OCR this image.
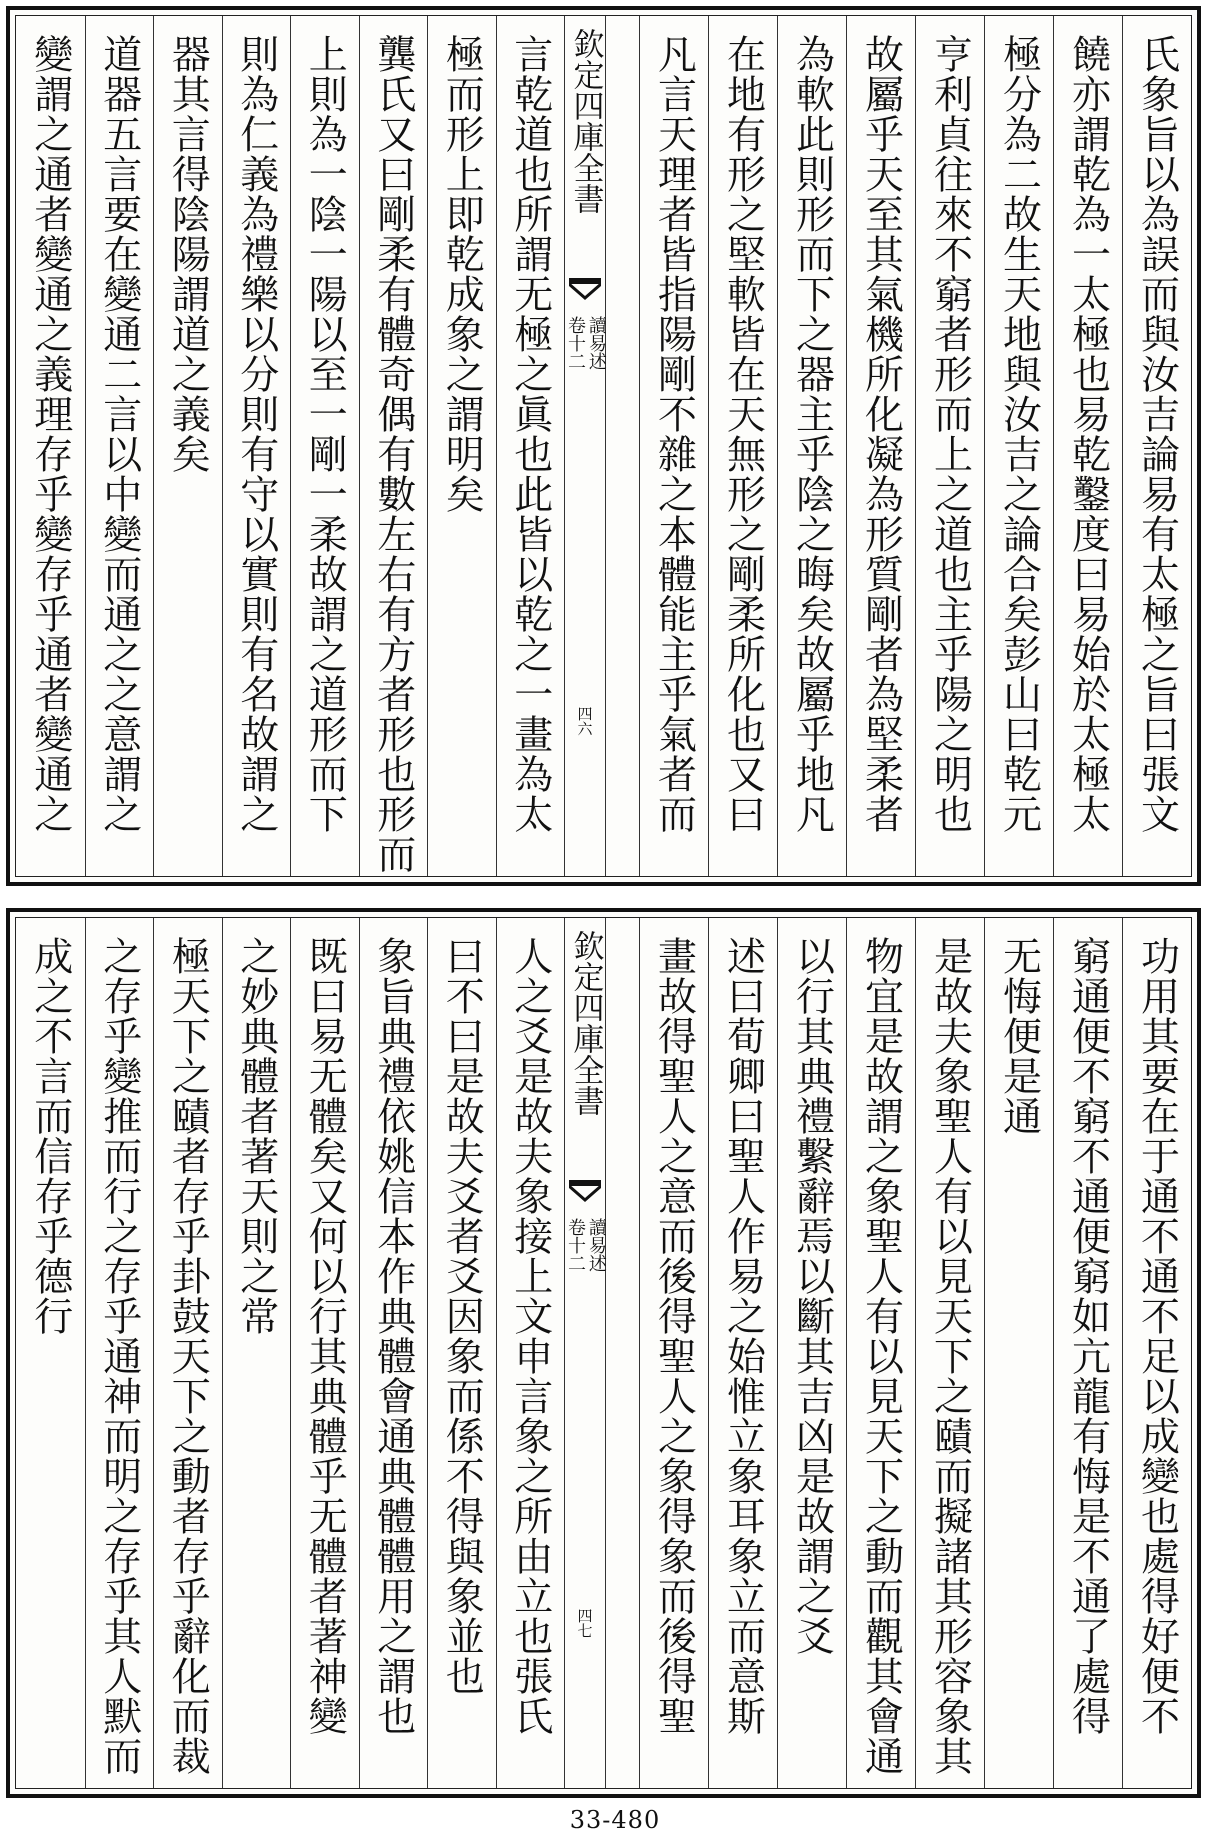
氏象旨以為誤而與汝吉論易有太極之旨曰張文
饒亦謂乾為一太極也易乾鑿度曰易始於太極太
極分為二故生天地與汝吉之論合矣彭山曰乾元
亨利貞往來不窮者形而上之道也主乎陽之明也
故屬乎天至其氣機所化凝為形質剛者為堅柔者
為軟此則形而下之器主乎陰之晦矣故屬乎地凡
在地有形之堅軟皆在天無形之剛柔所化也又曰
凡言天理者皆指陽剛不雜之本體能主乎氣者而
欽定四庫全書
卷十二 讀易述
四六
言乾道也所謂无極之眞也此皆以乾之一畫為太
極而形上即乾成象之謂明矣
龔氏又曰剛柔有體奇偶有數左右有方者形也形而
上則為一陰一陽以至一剛一柔故謂之道形而下
則為仁義為禮樂以分則有守以實則有名故謂之
器其言得陰陽謂道之義矣
道器五言要在變通二言以中變而通之之意謂之
變謂之通者變通之義理存乎變存乎通者變通之
功用其要在于通不通不足以成變也處得好便不
窮通便不窮不通便窮如亢龍有悔是不通了處得
无悔便是通
是故夫象聖人有以見天下之賾而擬諸其形容象其
物宜是故謂之象聖人有以見天下之動而觀其會通
以行其典禮繫辭焉以斷其吉凶是故謂之爻
述曰荀卿曰聖人作易之始惟立象耳象立而意斯
畫故得聖人之意而後得聖人之象得象而後得聖
欽定四庫全書
卷十二 讀易述
四七
人之爻是故夫象接上文申言象之所由立也張氏
曰不曰是故夫爻者爻因象而係不得與象並也
象旨典禮依姚信本作典體會通典體體用之謂也
既曰易无體矣又何以行其典體乎无體者著神變
之妙典體者著天則之常
極天下之賾者存乎卦鼓天下之動者存乎辭化而裁
之存乎變推而行之存乎通神而明之存乎其人默而
成之不言而信存乎德行
33-480
